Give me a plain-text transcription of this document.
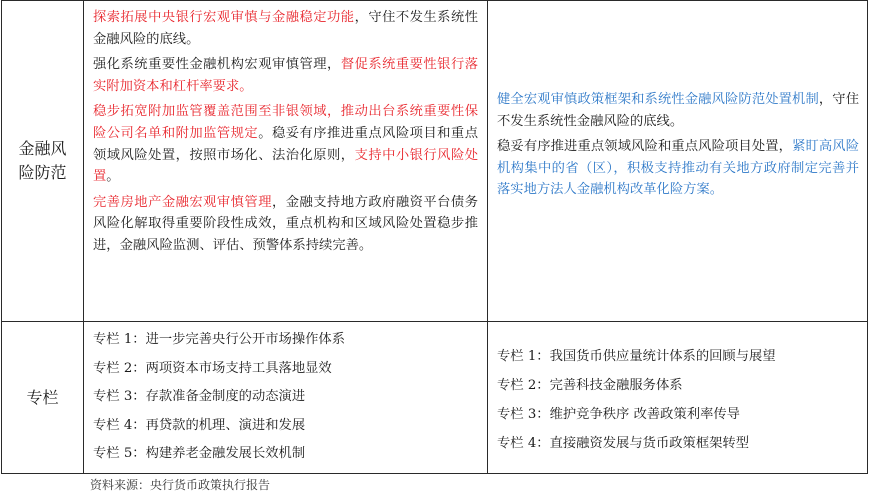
金融风险防范

探索拓展中央银行宏观审慎与金融稳定功能，守住不发生系统性金融风险的底线。

强化系统重要性金融机构宏观审慎管理，督促系统重要性银行落实附加资本和杠杆率要求。

稳步拓宽附加监管覆盖范围至非银领域，推动出台系统重要性保险公司名单和附加监管规定。稳妥有序推进重点风险项目和重点领域风险处置，按照市场化、法治化原则，支持中小银行风险处置。

完善房地产金融宏观审慎管理，金融支持地方政府融资平台债务风险化解取得重要阶段性成效，重点机构和区域风险处置稳步推进，金融风险监测、评估、预警体系持续完善。

健全宏观审慎政策框架和系统性金融风险防范处置机制，守住不发生系统性金融风险的底线。

稳妥有序推进重点领域风险和重点风险项目处置，紧盯高风险机构集中的省（区），积极支持推动有关地方政府制定完善并落实地方法人金融机构改革化险方案。

专栏
专栏 1：进一步完善央行公开市场操作体系
专栏 2：两项资本市场支持工具落地显效
专栏 3：存款准备金制度的动态演进
专栏 4：再贷款的机理、演进和发展
专栏 5：构建养老金融发展长效机制
专栏 1：我国货币供应量统计体系的回顾与展望
专栏 2：完善科技金融服务体系
专栏 3：维护竞争秩序 改善政策利率传导
专栏 4：直接融资发展与货币政策框架转型
资料来源：央行货币政策执行报告
